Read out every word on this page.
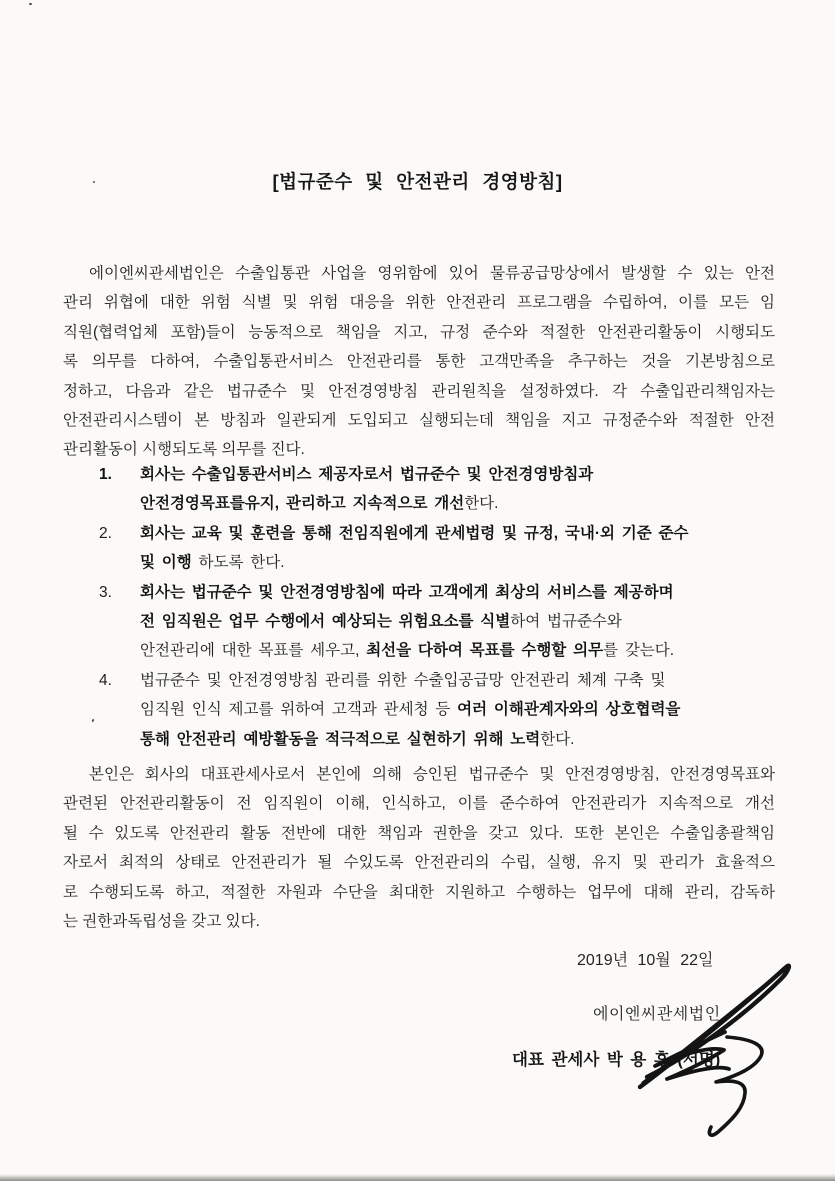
[법규준수 및 안전관리 경영방침]
에이엔씨관세법인은 수출입통관 사업을 영위함에 있어 물류공급망상에서 발생할 수 있는 안전
관리 위협에 대한 위험 식별 및 위험 대응을 위한 안전관리 프로그램을 수립하여, 이를 모든 임
직원(협력업체 포함)들이 능동적으로 책임을 지고, 규정 준수와 적절한 안전관리활동이 시행되도
록 의무를 다하여, 수출입통관서비스 안전관리를 통한 고객만족을 추구하는 것을 기본방침으로
정하고, 다음과 같은 법규준수 및 안전경영방침 관리원칙을 설정하였다. 각 수출입관리책임자는
안전관리시스템이 본 방침과 일관되게 도입되고 실행되는데 책임을 지고 규정준수와 적절한 안전
관리활동이 시행되도록 의무를 진다.
1.	회사는 수출입통관서비스 제공자로서 법규준수 및 안전경영방침과
안전경영목표를유지, 관리하고 지속적으로 개선한다.
2.	회사는 교육 및 훈련을 통해 전임직원에게 관세법령 및 규정, 국내·외 기준 준수
및 이행 하도록 한다.
3.	회사는 법규준수 및 안전경영방침에 따라 고객에게 최상의 서비스를 제공하며
전 임직원은 업무 수행에서 예상되는 위험요소를 식별하여 법규준수와
안전관리에 대한 목표를 세우고, 최선을 다하여 목표를 수행할 의무를 갖는다.
4.	법규준수 및 안전경영방침 관리를 위한 수출입공급망 안전관리 체계 구축 및
임직원 인식 제고를 위하여 고객과 관세청 등 여러 이해관계자와의 상호협력을
통해 안전관리 예방활동을 적극적으로 실현하기 위해 노력한다.
본인은 회사의 대표관세사로서 본인에 의해 승인된 법규준수 및 안전경영방침, 안전경영목표와
관련된 안전관리활동이 전 임직원이 이해, 인식하고, 이를 준수하여 안전관리가 지속적으로 개선
될 수 있도록 안전관리 활동 전반에 대한 책임과 권한을 갖고 있다. 또한 본인은 수출입총괄책임
자로서 최적의 상태로 안전관리가 될 수있도록 안전관리의 수립, 실행, 유지 및 관리가 효율적으
로 수행되도록 하고, 적절한 자원과 수단을 최대한 지원하고 수행하는 업무에 대해 관리, 감독하
는 권한과독립성을 갖고 있다.
2019년 10월 22일
에이엔씨관세법인
대표 관세사 박 용 후 (서명)
